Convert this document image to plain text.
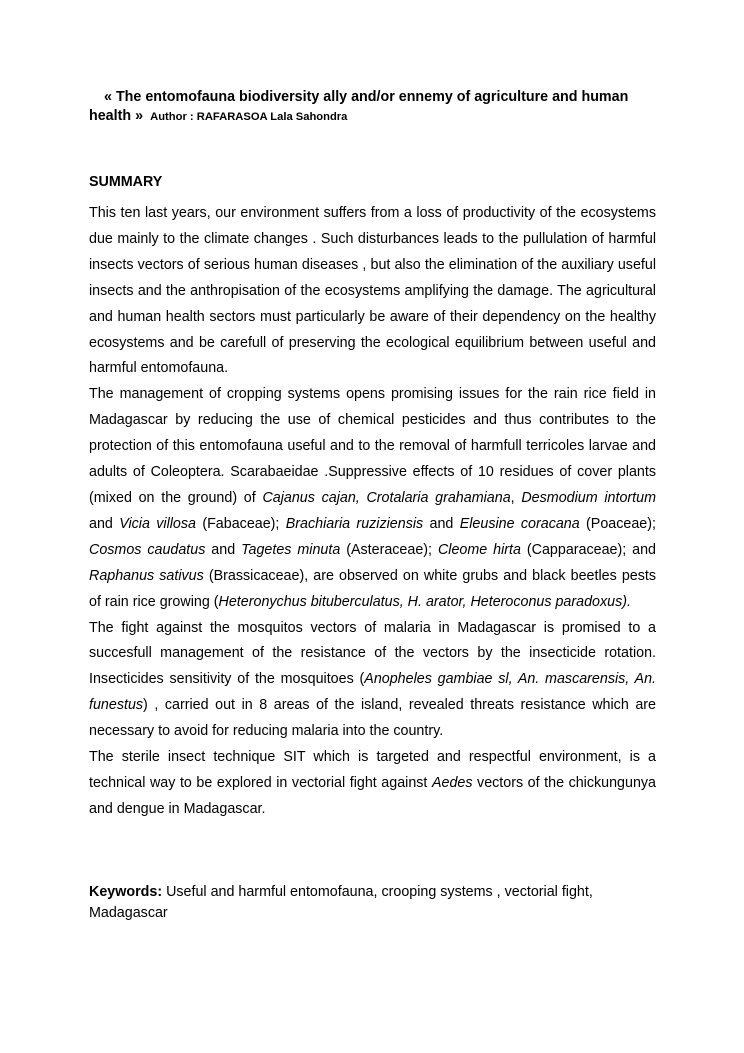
« The entomofauna biodiversity ally and/or ennemy of agriculture and human health » Author : RAFARASOA Lala Sahondra
SUMMARY

This ten last years, our environment suffers from a loss of productivity of the ecosystems due mainly to the climate changes . Such disturbances leads to the pullulation of harmful insects vectors of serious human diseases , but also the elimination of the auxiliary useful insects and the anthropisation of the ecosystems amplifying the damage. The agricultural and human health sectors must particularly be aware of their dependency on the healthy ecosystems and be carefull of preserving the ecological equilibrium between useful and harmful entomofauna.

The management of cropping systems opens promising issues for the rain rice field in Madagascar by reducing the use of chemical pesticides and thus contributes to the protection of this entomofauna useful and to the removal of harmfull terricoles larvae and adults of Coleoptera. Scarabaeidae .Suppressive effects of 10 residues of cover plants (mixed on the ground) of Cajanus cajan, Crotalaria grahamiana, Desmodium intortum and Vicia villosa (Fabaceae); Brachiaria ruziziensis and Eleusine coracana (Poaceae); Cosmos caudatus and Tagetes minuta (Asteraceae); Cleome hirta (Capparaceae); and Raphanus sativus (Brassicaceae), are observed on white grubs and black beetles pests of rain rice growing (Heteronychus bituberculatus, H. arator, Heteroconus paradoxus).

The fight against the mosquitos vectors of malaria in Madagascar is promised to a succesfull management of the resistance of the vectors by the insecticide rotation. Insecticides sensitivity of the mosquitoes (Anopheles gambiae sl, An. mascarensis, An. funestus) , carried out in 8 areas of the island, revealed threats resistance which are necessary to avoid for reducing malaria into the country.

The sterile insect technique SIT which is targeted and respectful environment, is a technical way to be explored in vectorial fight against Aedes vectors of the chickungunya and dengue in Madagascar.

Keywords: Useful and harmful entomofauna, crooping systems , vectorial fight, Madagascar
